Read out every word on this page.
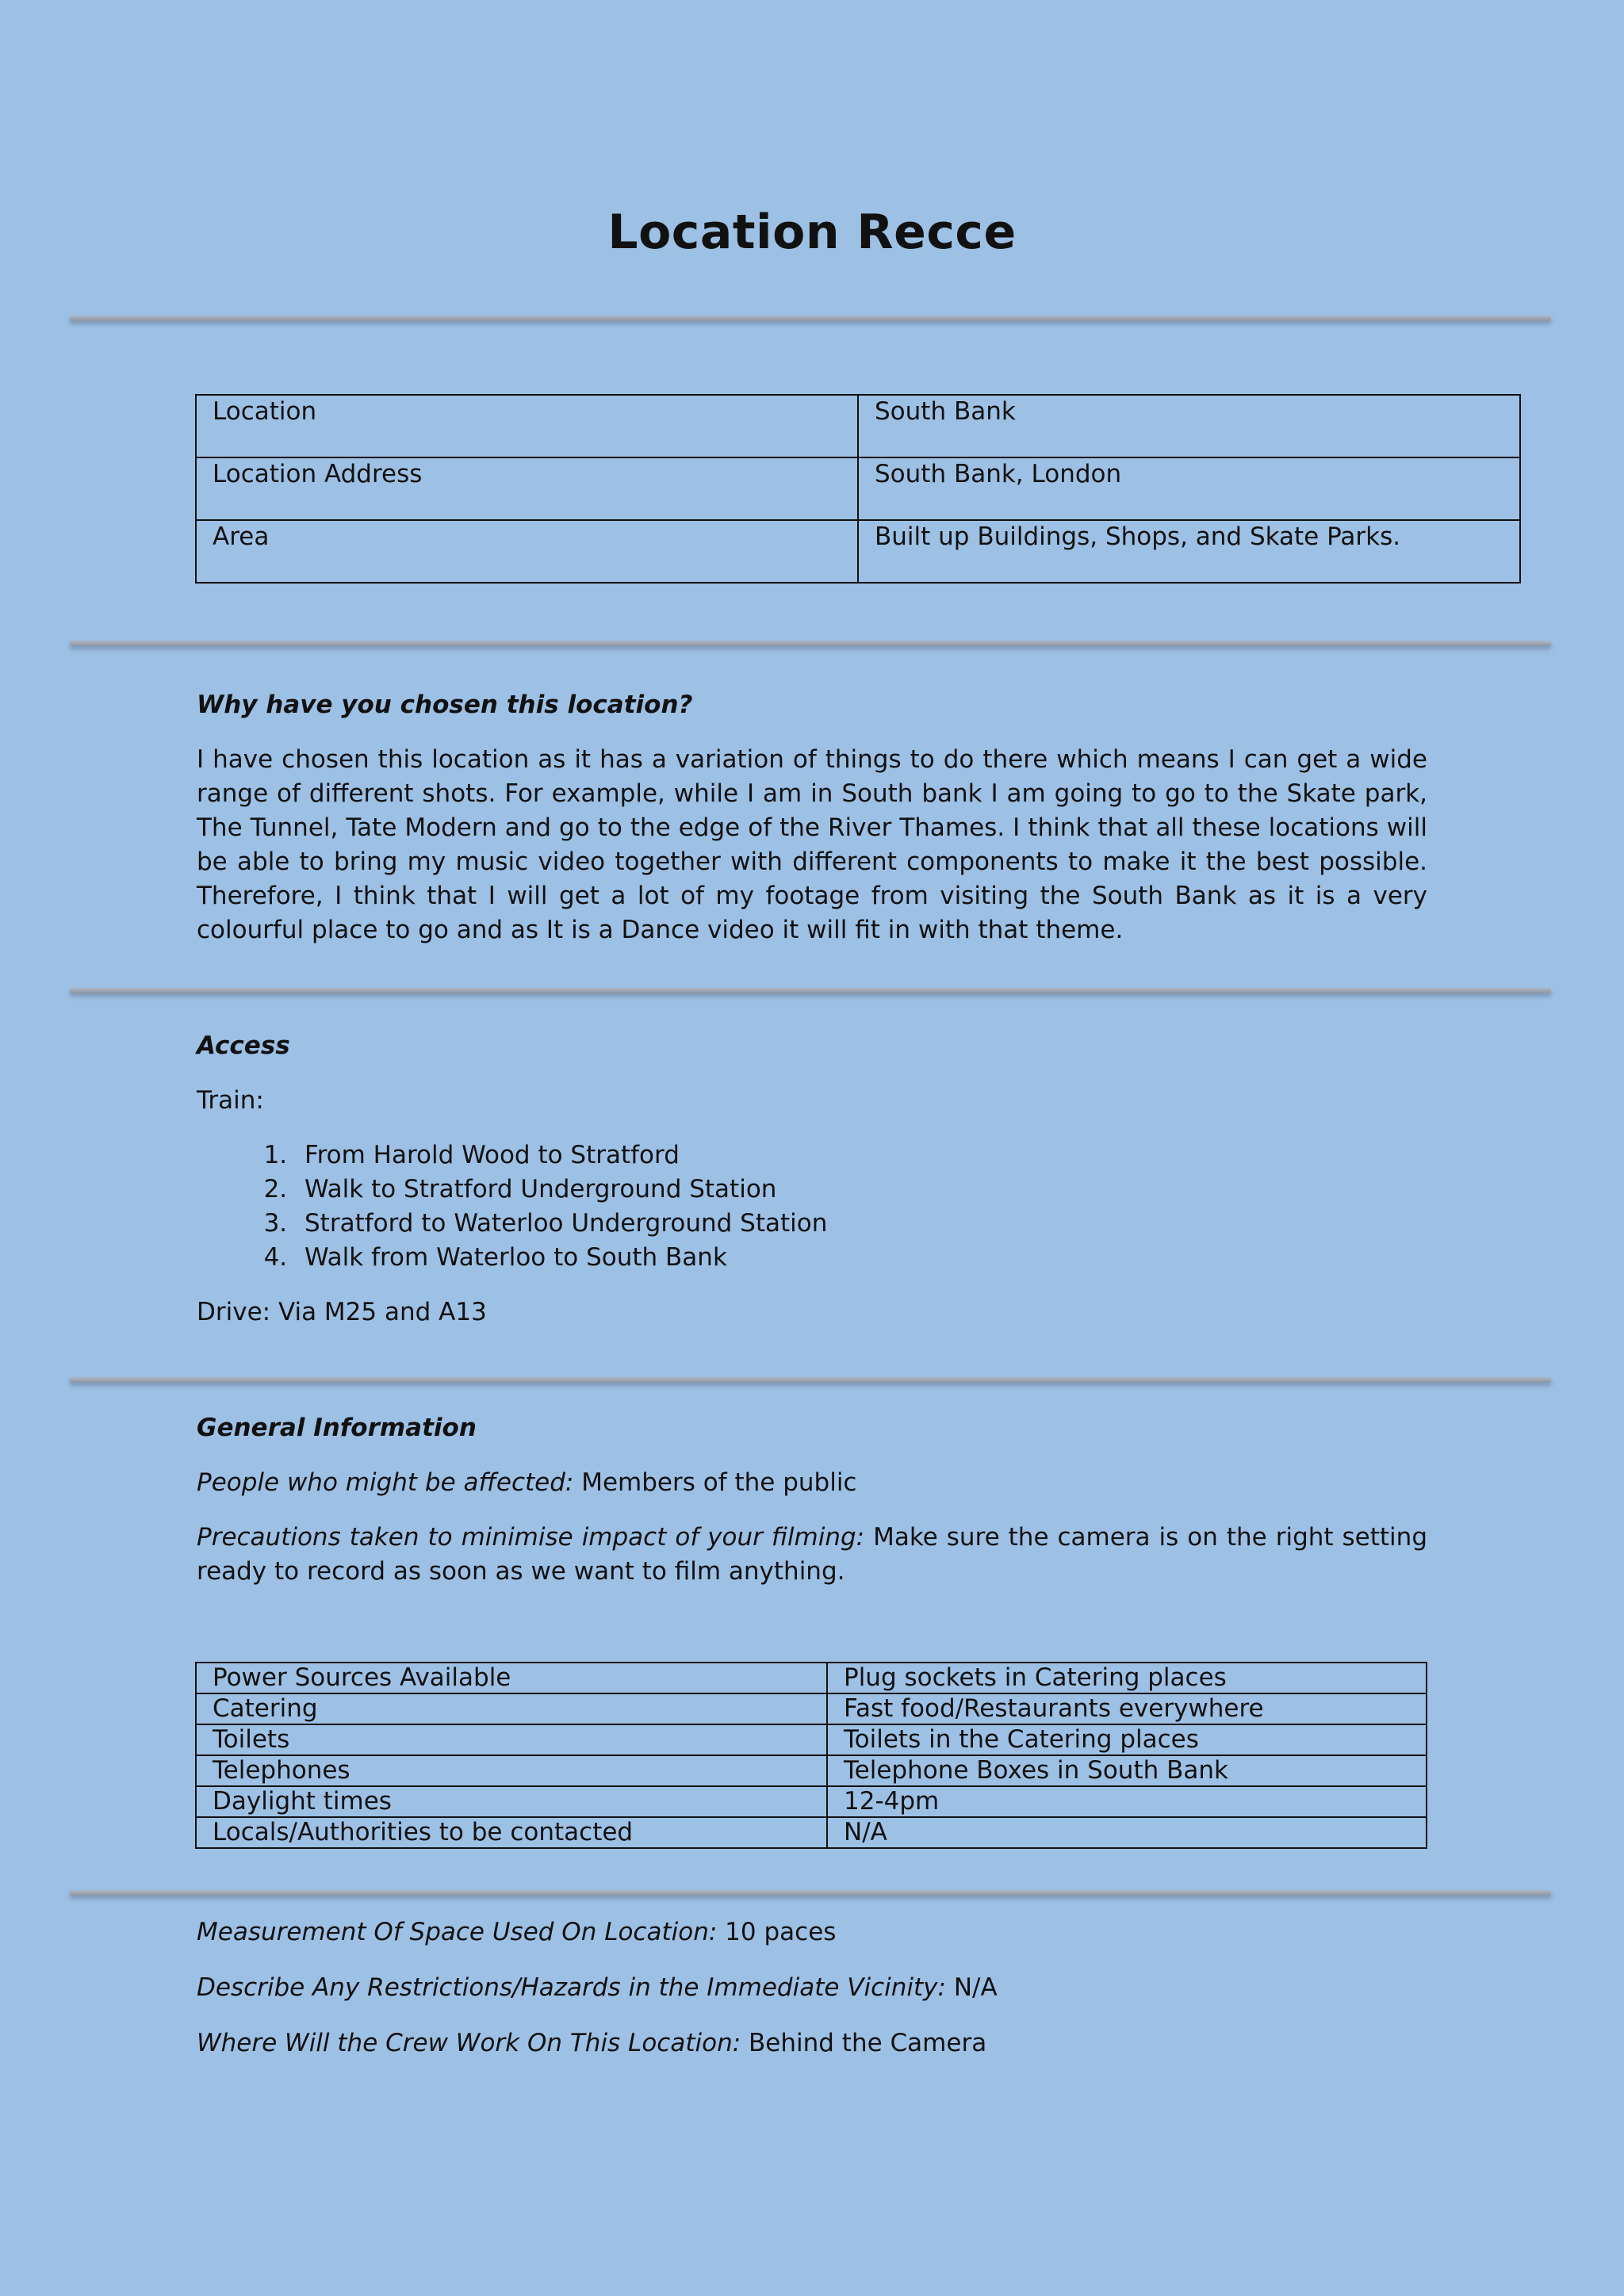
Location Recce
Location	South Bank
Location Address	South Bank, London
Area	Built up Buildings, Shops, and Skate Parks.

Why have you chosen this location?

I have chosen this location as it has a variation of things to do there which means I can get a wide range of different shots. For example, while I am in South bank I am going to go to the Skate park, The Tunnel, Tate Modern and go to the edge of the River Thames. I think that all these locations will be able to bring my music video together with different components to make it the best possible. Therefore, I think that I will get a lot of my footage from visiting the South Bank as it is a very colourful place to go and as It is a Dance video it will fit in with that theme.

Access

Train:

1. From Harold Wood to Stratford
2. Walk to Stratford Underground Station
3. Stratford to Waterloo Underground Station
4. Walk from Waterloo to South Bank

Drive: Via M25 and A13

General Information

People who might be affected: Members of the public

Precautions taken to minimise impact of your filming: Make sure the camera is on the right setting ready to record as soon as we want to film anything.

Power Sources Available	Plug sockets in Catering places
Catering	Fast food/Restaurants everywhere
Toilets	Toilets in the Catering places
Telephones	Telephone Boxes in South Bank
Daylight times	12-4pm
Locals/Authorities to be contacted	N/A

Measurement Of Space Used On Location: 10 paces

Describe Any Restrictions/Hazards in the Immediate Vicinity: N/A

Where Will the Crew Work On This Location: Behind the Camera
